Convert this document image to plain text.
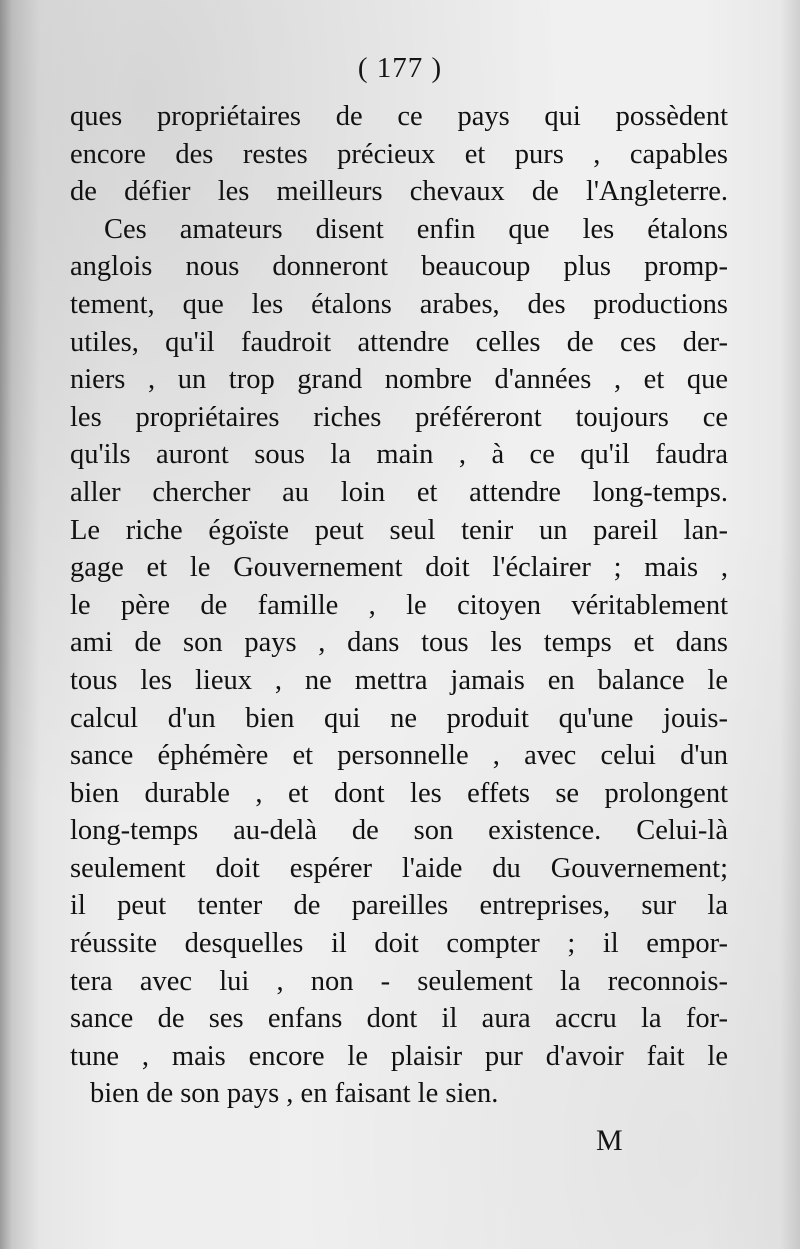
( 177 )
ques propriétaires de ce pays qui possèdent
encore des restes précieux et purs , capables
de défier les meilleurs chevaux de l'Angleterre.
Ces amateurs disent enfin que les étalons
anglois nous donneront beaucoup plus promp-
tement, que les étalons arabes, des productions
utiles, qu'il faudroit attendre celles de ces der-
niers , un trop grand nombre d'années , et que
les propriétaires riches préféreront toujours ce
qu'ils auront sous la main , à ce qu'il faudra
aller chercher au loin et attendre long-temps.
Le riche égoïste peut seul tenir un pareil lan-
gage et le Gouvernement doit l'éclairer ; mais ,
le père de famille , le citoyen véritablement
ami de son pays , dans tous les temps et dans
tous les lieux , ne mettra jamais en balance le
calcul d'un bien qui ne produit qu'une jouis-
sance éphémère et personnelle , avec celui d'un
bien durable , et dont les effets se prolongent
long-temps au-delà de son existence. Celui-là
seulement doit espérer l'aide du Gouvernement;
il peut tenter de pareilles entreprises, sur la
réussite desquelles il doit compter ; il empor-
tera avec lui , non - seulement la reconnois-
sance de ses enfans dont il aura accru la for-
tune , mais encore le plaisir pur d'avoir fait le
bien de son pays , en faisant le sien.
M
